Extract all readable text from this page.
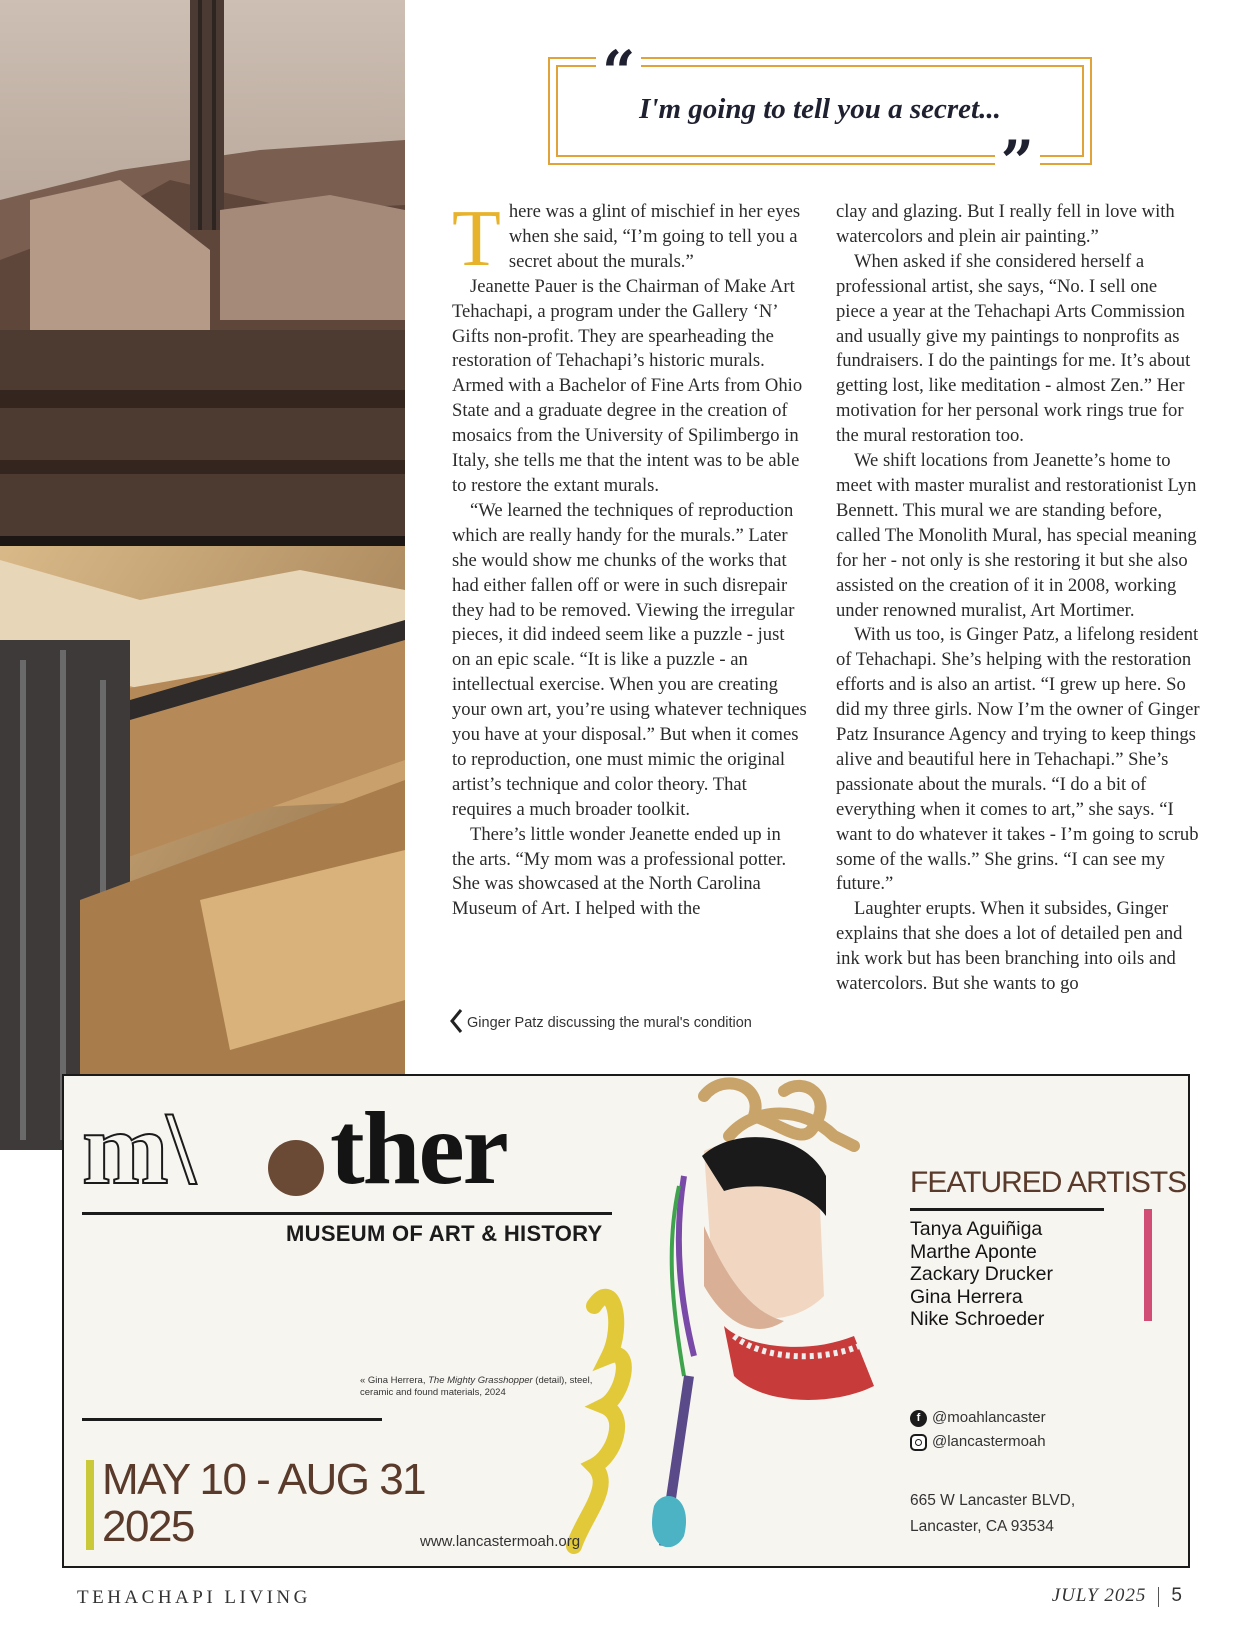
“
I'm going to tell you a secret...
”

There was a glint of mischief in her eyes when she said, “I’m going to tell you a secret about the murals.”

Jeanette Pauer is the Chairman of Make Art Tehachapi, a program under the Gallery ‘N’ Gifts non-profit. They are spearheading the restoration of Tehachapi’s historic murals. Armed with a Bachelor of Fine Arts from Ohio State and a graduate degree in the creation of mosaics from the University of Spilimbergo in Italy, she tells me that the intent was to be able to restore the extant murals.

“We learned the techniques of reproduction which are really handy for the murals.” Later she would show me chunks of the works that had either fallen off or were in such disrepair they had to be removed. Viewing the irregular pieces, it did indeed seem like a puzzle - just on an epic scale. “It is like a puzzle - an intellectual exercise. When you are creating your own art, you’re using whatever techniques you have at your disposal.” But when it comes to reproduction, one must mimic the original artist’s technique and color theory. That requires a much broader toolkit.

There’s little wonder Jeanette ended up in the arts. “My mom was a professional potter. She was showcased at the North Carolina Museum of Art. I helped with the

clay and glazing. But I really fell in love with watercolors and plein air painting.”

When asked if she considered herself a professional artist, she says, “No. I sell one piece a year at the Tehachapi Arts Commission and usually give my paintings to nonprofits as fundraisers. I do the paintings for me. It’s about getting lost, like meditation - almost Zen.” Her motivation for her personal work rings true for the mural restoration too.

We shift locations from Jeanette’s home to meet with master muralist and restorationist Lyn Bennett. This mural we are standing before, called The Monolith Mural, has special meaning for her - not only is she restoring it but she also assisted on the creation of it in 2008, working under renowned muralist, Art Mortimer.

With us too, is Ginger Patz, a lifelong resident of Tehachapi. She’s helping with the restoration efforts and is also an artist. “I grew up here. So did my three girls. Now I’m the owner of Ginger Patz Insurance Agency and trying to keep things alive and beautiful here in Tehachapi.” She’s passionate about the murals. “I do a bit of everything when it comes to art,” she says. “I want to do whatever it takes - I’m going to scrub some of the walls.” She grins. “I can see my future.”

Laughter erupts. When it subsides, Ginger explains that she does a lot of detailed pen and ink work but has been branching into oils and watercolors. But she wants to go

Ginger Patz discussing the mural's condition
m\ ther
MUSEUM OF ART & HISTORY
« Gina Herrera, The Mighty Grasshopper (detail), steel, ceramic and found materials, 2024
MAY 10 - AUG 31
2025	www.lancastermoah.org
FEATURED ARTISTS
Tanya Aguiñiga
Marthe Aponte
Zackary Drucker
Gina Herrera
Nike Schroeder
f @moahlancaster
@lancastermoah
665 W Lancaster BLVD,
Lancaster, CA 93534
TEHACHAPI LIVING	JULY 2025 5
